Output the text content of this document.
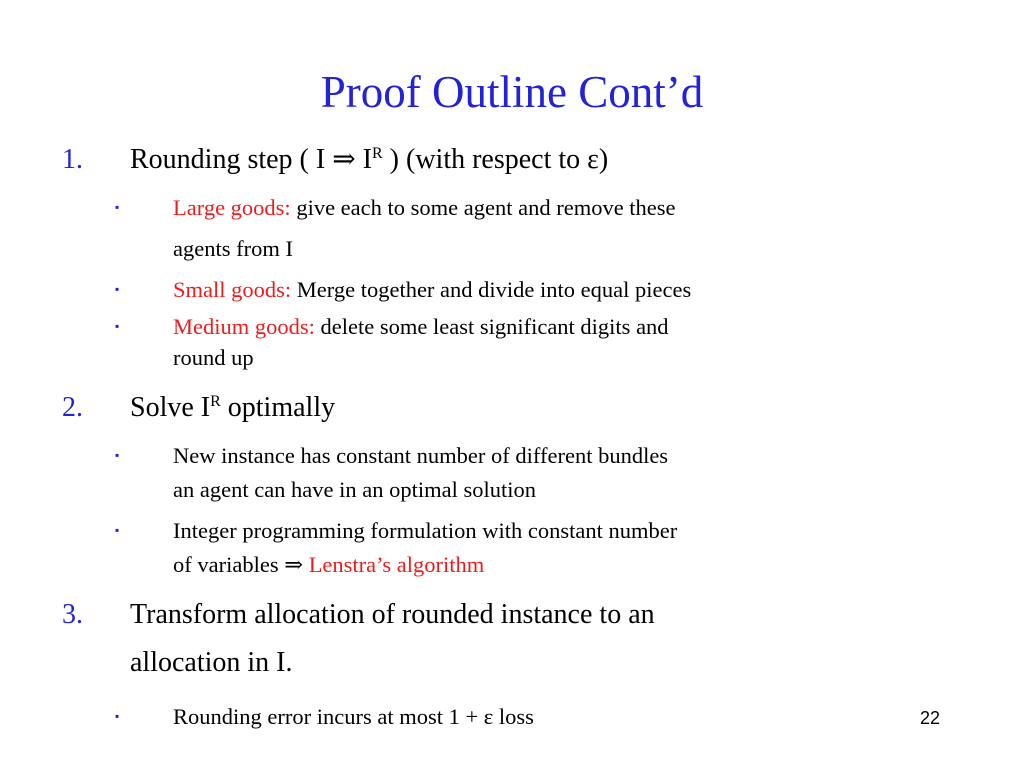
Proof Outline Cont’d
1. Rounding step ( I ⇒ $I^R$ ) (with respect to ε)
▪ Large goods: give each to some agent and remove these
agents from I
▪ Small goods: Merge together and divide into equal pieces
▪ Medium goods: delete some least significant digits and
round up
2. Solve $I^R$ optimally
▪ New instance has constant number of different bundles
an agent can have in an optimal solution
▪ Integer programming formulation with constant number
of variables ⇒ Lenstra’s algorithm
3. Transform allocation of rounded instance to an
allocation in I.
▪ Rounding error incurs at most 1 + ε loss	22
